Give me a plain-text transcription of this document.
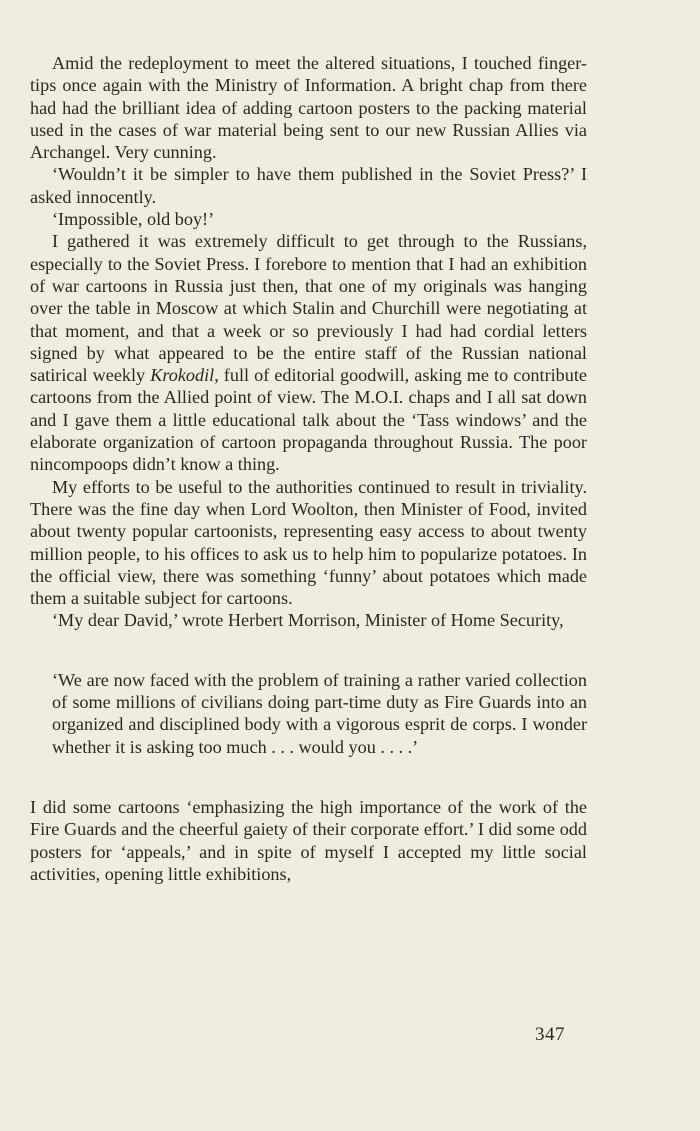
Amid the redeployment to meet the altered situations, I touched finger-tips once again with the Ministry of Information. A bright chap from there had had the brilliant idea of adding cartoon posters to the packing material used in the cases of war material being sent to our new Russian Allies via Archangel. Very cunning.

‘Wouldn’t it be simpler to have them published in the Soviet Press?’ I asked innocently.

‘Impossible, old boy!’

I gathered it was extremely difficult to get through to the Russians, especially to the Soviet Press. I forebore to mention that I had an exhibition of war cartoons in Russia just then, that one of my originals was hanging over the table in Moscow at which Stalin and Churchill were negotiating at that moment, and that a week or so previously I had had cordial letters signed by what appeared to be the entire staff of the Russian national satirical weekly Krokodil, full of editorial goodwill, asking me to contribute cartoons from the Allied point of view. The M.O.I. chaps and I all sat down and I gave them a little educational talk about the ‘Tass windows’ and the elaborate organization of cartoon propaganda throughout Russia. The poor nincompoops didn’t know a thing.

My efforts to be useful to the authorities continued to result in triviality. There was the fine day when Lord Woolton, then Minister of Food, invited about twenty popular cartoonists, representing easy access to about twenty million people, to his offices to ask us to help him to popularize potatoes. In the official view, there was something ‘funny’ about potatoes which made them a suitable subject for cartoons.

‘My dear David,’ wrote Herbert Morrison, Minister of Home Security,

‘We are now faced with the problem of training a rather varied collection of some millions of civilians doing part-time duty as Fire Guards into an organized and disciplined body with a vigorous esprit de corps. I wonder whether it is asking too much . . . would you . . . .’

I did some cartoons ‘emphasizing the high importance of the work of the Fire Guards and the cheerful gaiety of their corporate effort.’ I did some odd posters for ‘appeals,’ and in spite of myself I accepted my little social activities, opening little exhibitions,

347
